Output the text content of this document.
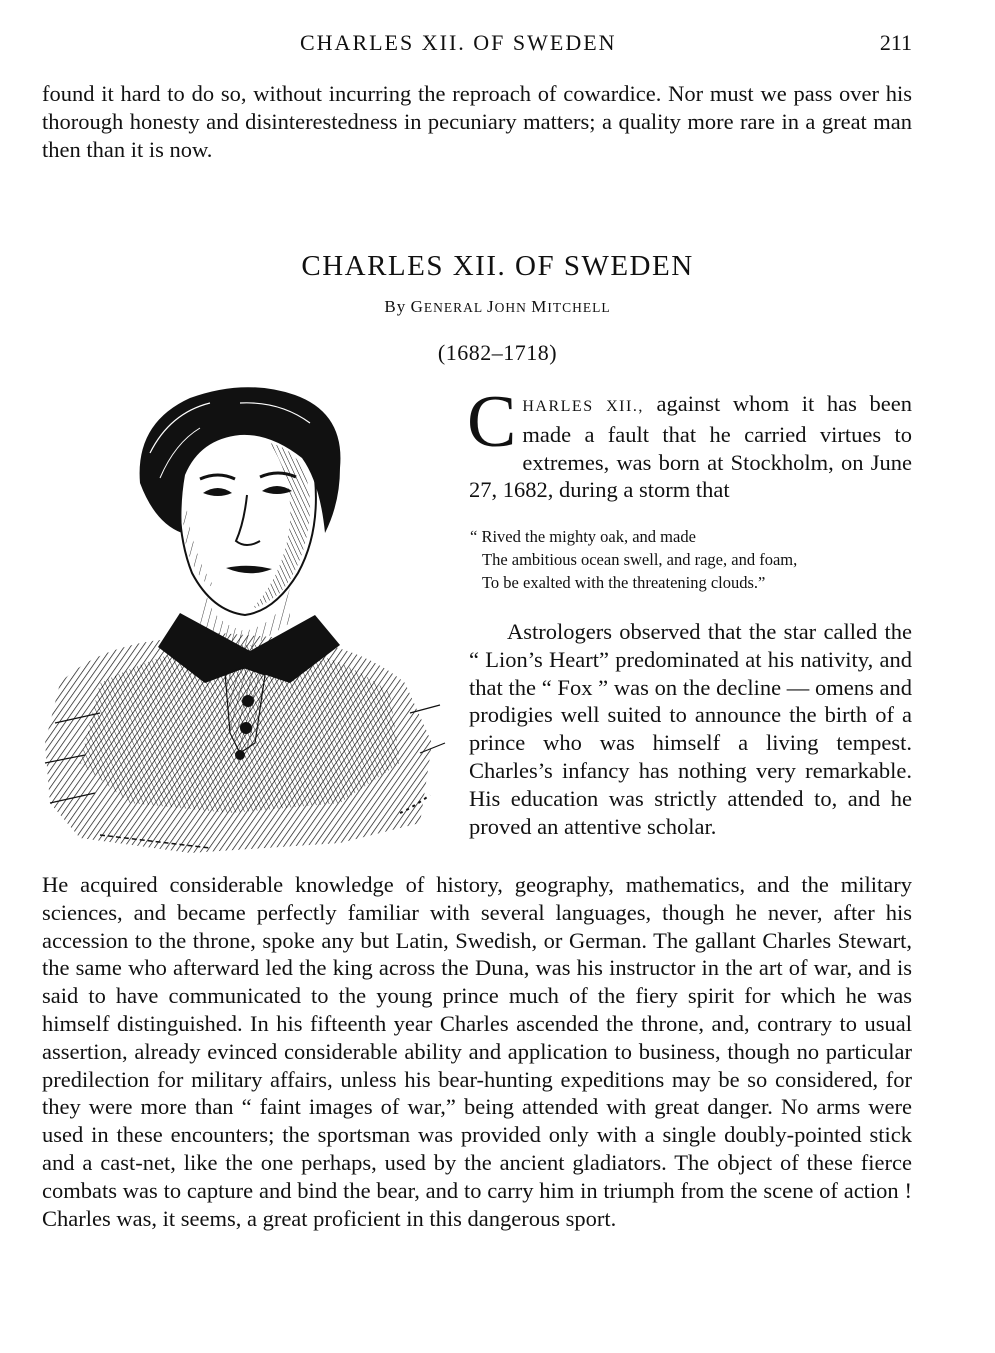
CHARLES XII. OF SWEDEN	211

found it hard to do so, without incurring the reproach of cowardice. Nor must we pass over his thorough honesty and disinterestedness in pecuniary matters; a quality more rare in a great man then than it is now.

CHARLES XII. OF SWEDEN
By GENERAL JOHN MITCHELL
(1682–1718)

CHARLES XII., against whom it has been made a fault that he carried virtues to extremes, was born at Stockholm, on June 27, 1682, during a storm that

“ Rived the mighty oak, and made
The ambitious ocean swell, and rage, and foam,
To be exalted with the threatening clouds.”

Astrologers observed that the star called the “ Lion’s Heart” predominated at his nativity, and that the “ Fox ” was on the decline — omens and prodigies well suited to announce the birth of a prince who was himself a living tempest. Charles’s infancy has nothing very remarkable. His education was strictly attended to, and he proved an attentive scholar.

He acquired considerable knowledge of history, geography, mathematics, and the military sciences, and became perfectly familiar with several languages, though he never, after his accession to the throne, spoke any but Latin, Swedish, or German. The gallant Charles Stewart, the same who afterward led the king across the Duna, was his instructor in the art of war, and is said to have communicated to the young prince much of the fiery spirit for which he was himself distinguished. In his fifteenth year Charles ascended the throne, and, contrary to usual assertion, already evinced considerable ability and application to business, though no particular predilection for military affairs, unless his bear-hunting expeditions may be so considered, for they were more than “ faint images of war,” being attended with great danger. No arms were used in these encounters; the sportsman was provided only with a single doubly-pointed stick and a cast-net, like the one perhaps, used by the ancient gladiators. The object of these fierce combats was to capture and bind the bear, and to carry him in triumph from the scene of action ! Charles was, it seems, a great proficient in this dangerous sport.
